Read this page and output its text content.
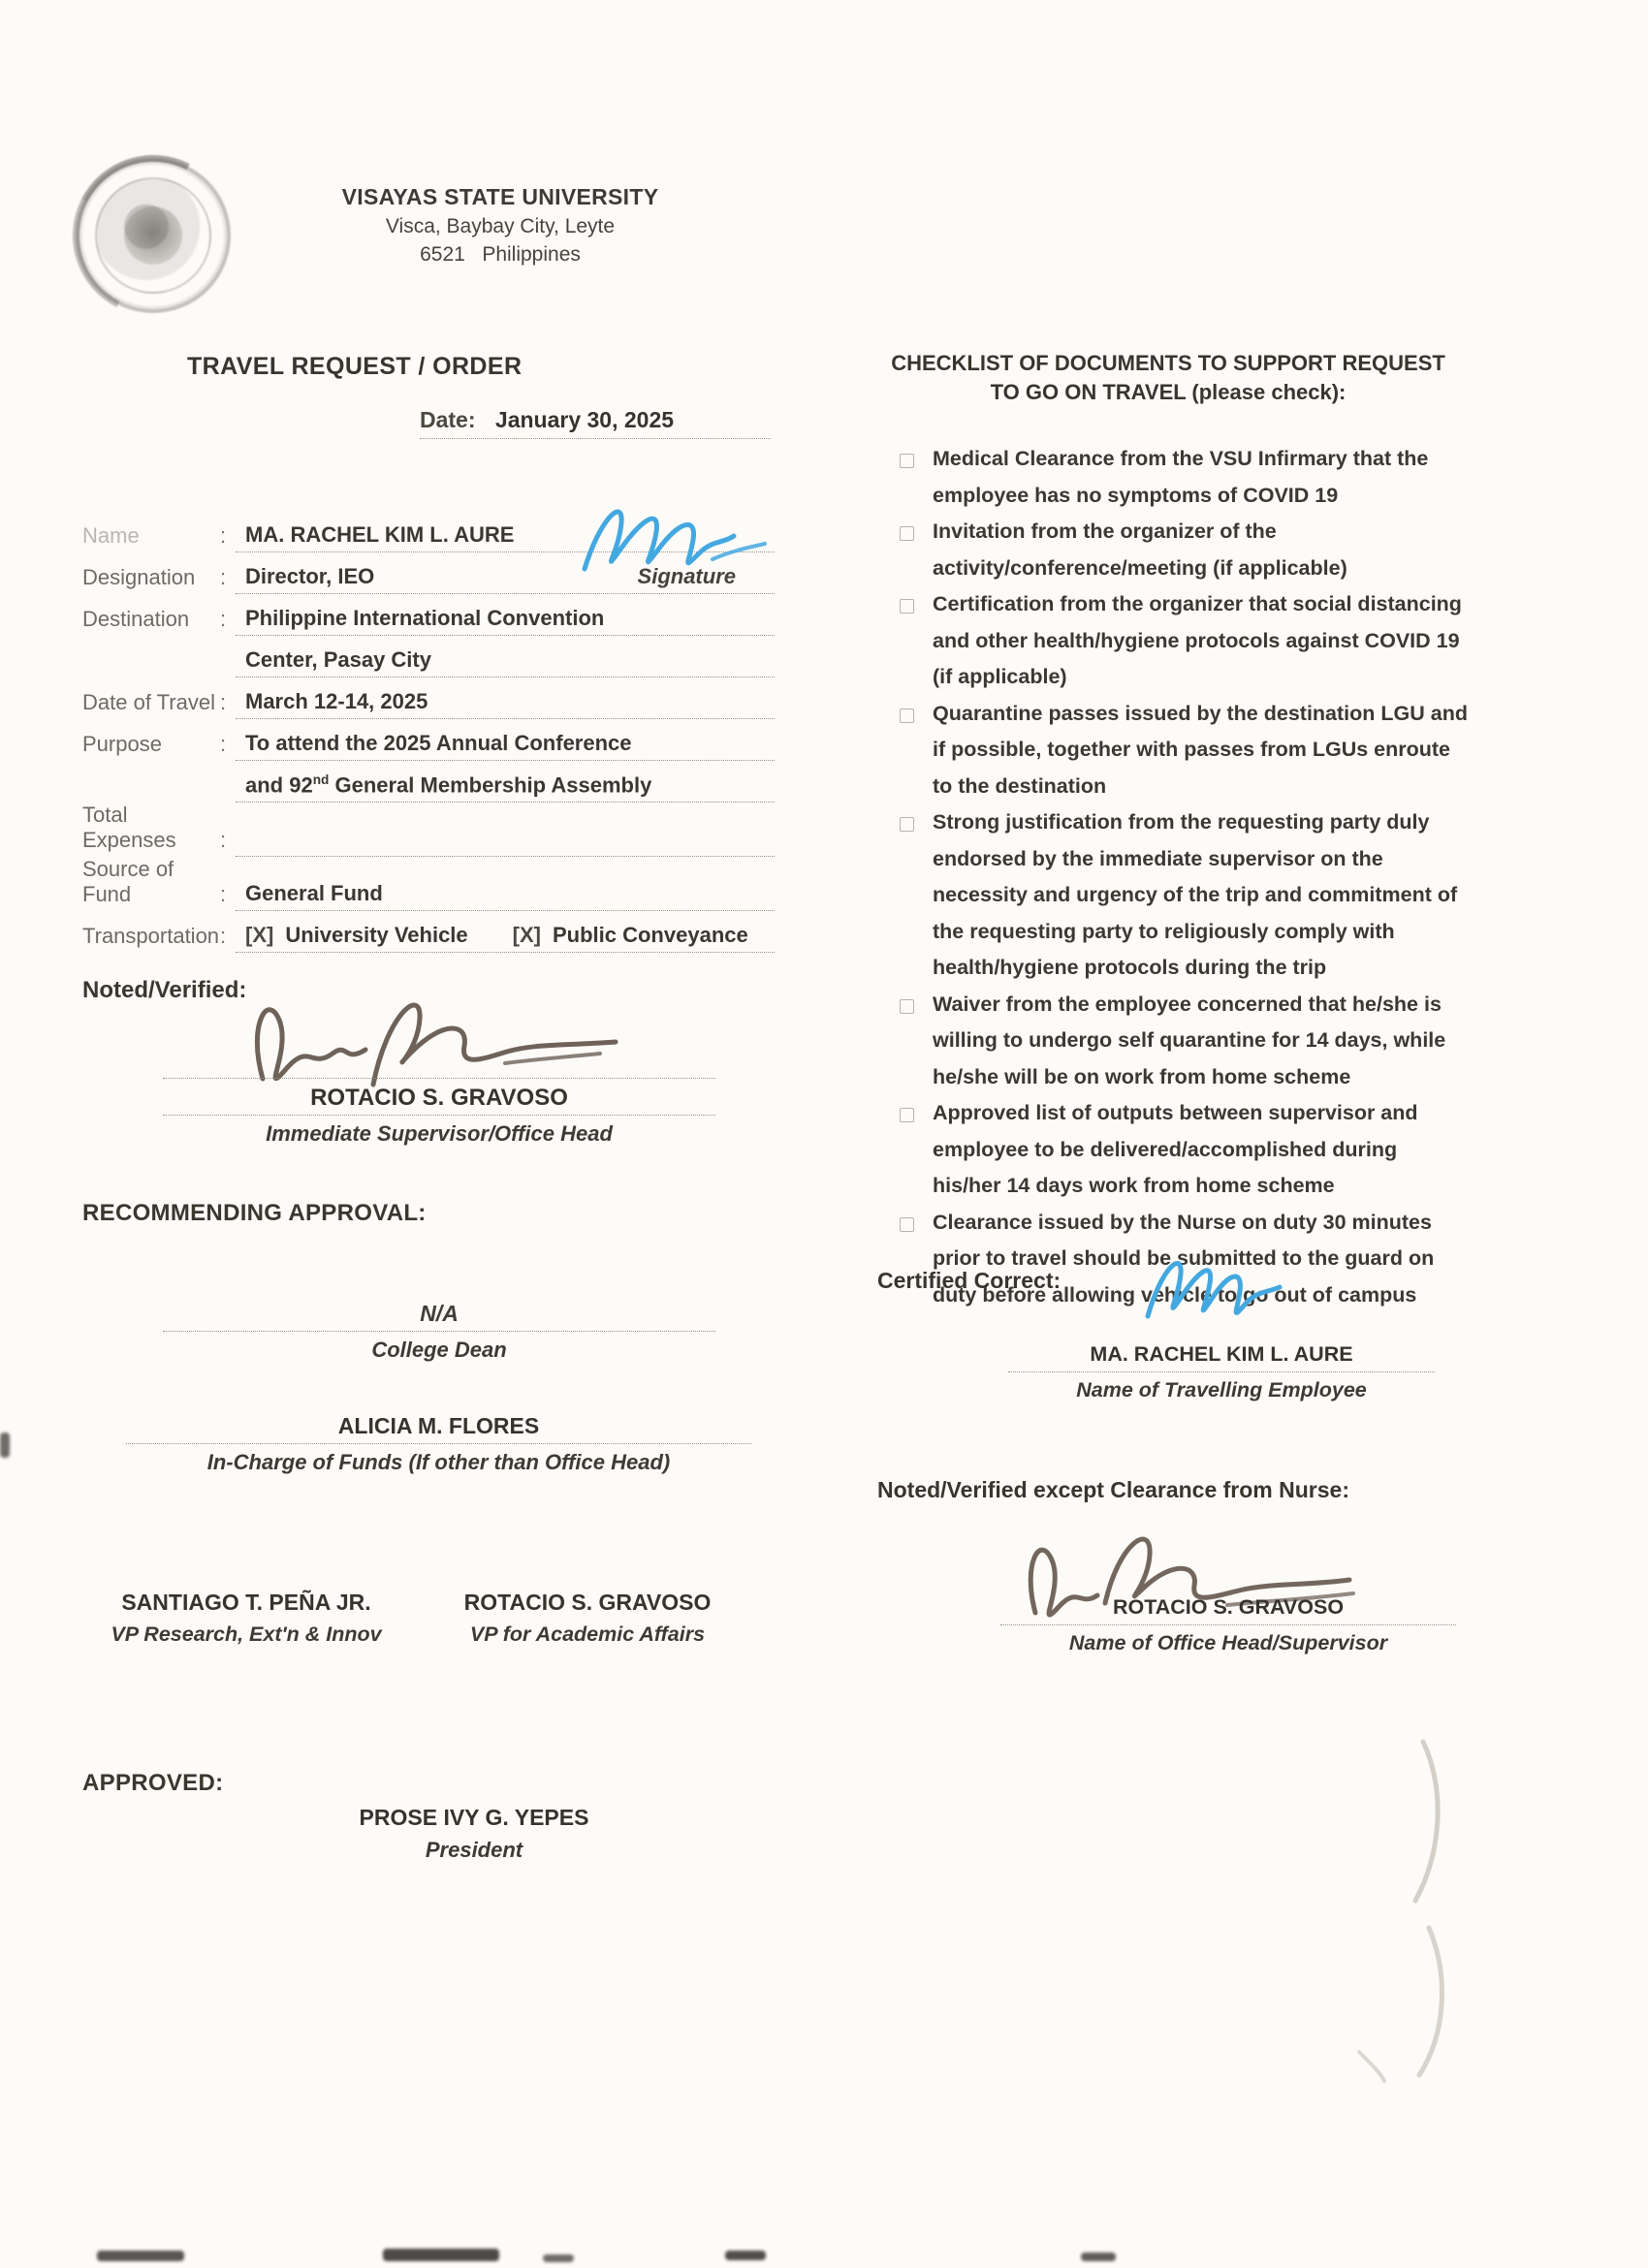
VISAYAS STATE UNIVERSITY
Visca, Baybay City, Leyte
6521   Philippines
TRAVEL REQUEST / ORDER
Date: January 30, 2025
Name	: MA. RACHEL KIM L. AURE
Designation	: Director, IEO	Signature
Destination	: Philippine International Convention
Center, Pasay City
Date of Travel : March 12-14, 2025
Purpose	: To attend the 2025 Annual Conference
and 92nd General Membership Assembly
Total Expenses	:
Source of Fund	: General Fund
Transportation : [X] University Vehicle [X] Public Conveyance
Noted/Verified:
ROTACIO S. GRAVOSO
Immediate Supervisor/Office Head
RECOMMENDING APPROVAL:
N/A
College Dean
ALICIA M. FLORES
In-Charge of Funds (If other than Office Head)
SANTIAGO T. PEÑA JR.
VP Research, Ext'n & Innov
ROTACIO S. GRAVOSO
VP for Academic Affairs
APPROVED:
PROSE IVY G. YEPES
President
CHECKLIST OF DOCUMENTS TO SUPPORT REQUEST
TO GO ON TRAVEL (please check):
Medical Clearance from the VSU Infirmary that the employee has no symptoms of COVID 19
Invitation from the organizer of the activity/conference/meeting (if applicable)
Certification from the organizer that social distancing and other health/hygiene protocols against COVID 19 (if applicable)
Quarantine passes issued by the destination LGU and if possible, together with passes from LGUs enroute to the destination
Strong justification from the requesting party duly endorsed by the immediate supervisor on the necessity and urgency of the trip and commitment of the requesting party to religiously comply with health/hygiene protocols during the trip
Waiver from the employee concerned that he/she is willing to undergo self quarantine for 14 days, while he/she will be on work from home scheme
Approved list of outputs between supervisor and employee to be delivered/accomplished during his/her 14 days work from home scheme
Clearance issued by the Nurse on duty 30 minutes prior to travel should be submitted to the guard on duty before allowing vehicle to go out of campus
Certified Correct:
MA. RACHEL KIM L. AURE
Name of Travelling Employee
Noted/Verified except Clearance from Nurse:
ROTACIO S. GRAVOSO
Name of Office Head/Supervisor
